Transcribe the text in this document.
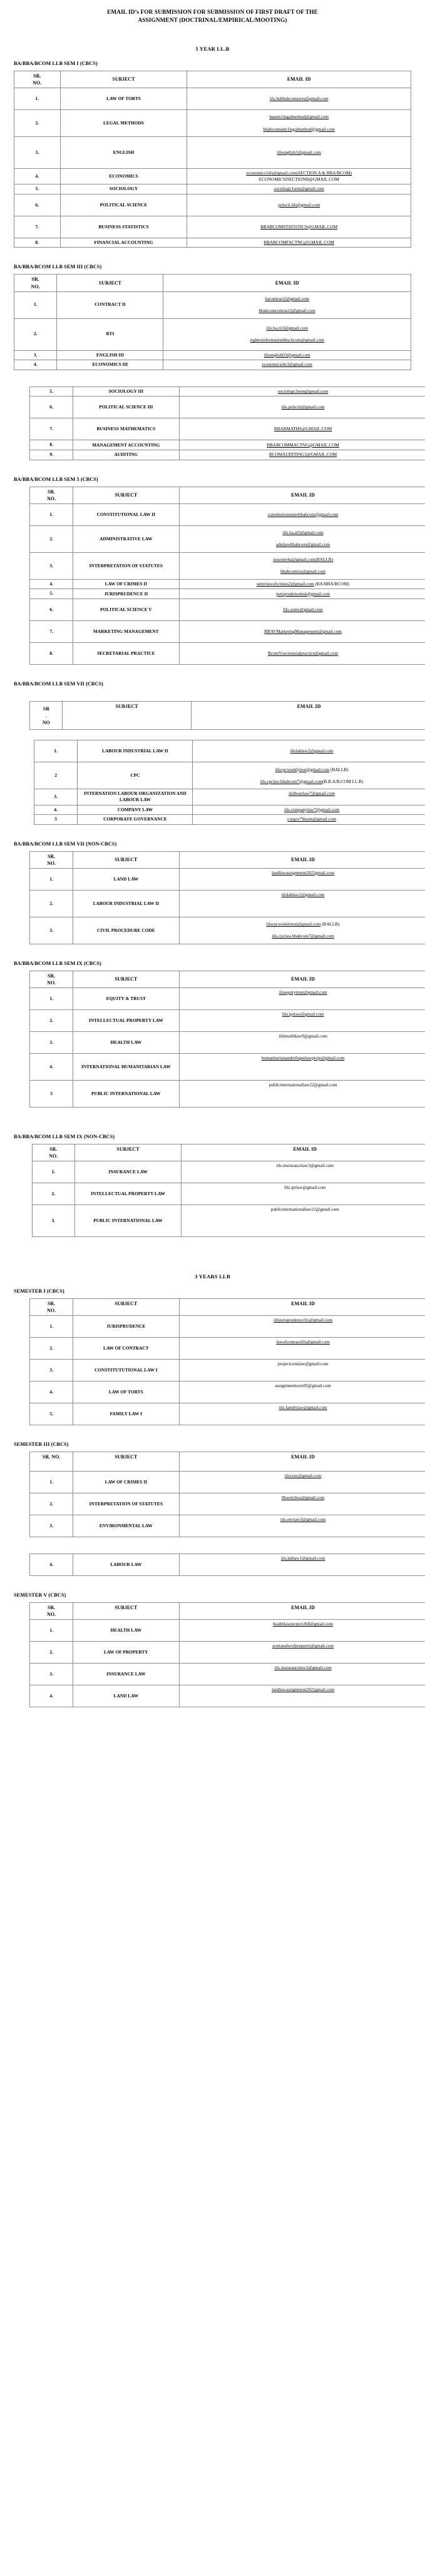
EMAIL ID’s FOR SUBMISSION FOR SUBMISSION OF FIRST DRAFT OF THE
ASSIGNMENT (DOCTRINAL/EMPIRICAL/MOOTING)
5 YEAR LL.B
BA/BBA/BCOM LLB SEM I (CBCS)
SR.
NO.	SUBJECT	EMAIL ID
1.	LAW OF TORTS	iils.babbabcomtorts@gmail.com
2.	LEGAL METHODS	basem1legalmethod@gmail.com
bbabcomsem1legalmethod@gmail.com

3.	ENGLISH	iilsenglish1@gmail.com
4.	ECONOMICS	economics1iils@gmail.com(SECTION A & BBA/BCOM)
ECONOMICSISECTIONB@GMAIL.COM

5.	SOCIOLOGY	sociology1sem@gmail.com
6.	POLITICAL SCIENCE	polscii.iils@gmail.com
7.	BUSINESS STATISTICS	BBABCOMSTATISTICS@GMAIL.COM
8.	FINANCIAL ACCOUNTING	BBABCOMFACTNG@GMAIL.COM
BA/BBA/BCOM LLB SEM III (CBCS)
SR.
NO.	SUBJECT	EMAIL ID
1.	CONTRACT II	bacontract2@gmail.com
bbabcomcontract2@gmail.com

2.	RTI	iils.ba.rti3@gmail.com
righttoinformationbba.bcom@gmail.com

3.	ENGLISH III	iilsenglish03@gmail.com
4.	ECONOMICS III	economicsiils3@gmail.com
5.	SOCIOLOGY III	sociology3sem@gmail.com
6.	POLITICAL SCIENCE III	iils.polsciii@gmail.com
7.	BUSINESS MATHEMATICS	BBABMATHS@GMAIL.COM
8.	MANAGEMENT ACCOUNTING	BBABCOMMACTNG@GMAIL.COM
9.	AUDITING	BCOMAUDITING3@GMAIL.COM
BA/BBA/BCOM LLB SEM 5 (CBCS)
SR.
NO.	SUBJECT	EMAIL ID
1.	CONSTITUTIONAL LAW II	constitutionsemvbbabcom@gmail.com
2.	ADMINISTRATIVE LAW	iils.ba.al5@gmail.com
admlawbbabcom@gmail.com

3.	INTERPRETATION OF STATUTES	iossemvba@gmail.com(BALLB)
bbabcomios@gmail.com

4.	LAW OF CRIMES II	semvlawofcrimes2@gmail.com (BA/BBA/BCOM)
5.	JURISPRUDENCE II	jurisprudencetest@gmail.com
6.	POLITICAL SCIENCE V	Iils.semv@gmail.com
7.	MARKETING MANAGEMENT	BBAVMarketingManagement@gmail.com
8.	SECRETARIAL PRACTICE	BcomVsecretarialpractice@gmail.com
BA/BBA/BCOM LLB SEM VII (CBCS)
SR
.
NO	SUBJECT	EMAIL ID
1.	LABOUR INDUSTRIAL LAW II	iilslablaw2@gmail.com
2	CPC	iilscpcweeklytest@gmail.com (BALLB)
iils.cpclaw.bbabcom7@gmail.com(B.B.A/B.COM LL.B)

3.	INTERNATION LABOUR ORGANIZATION AND LABOUR LAW	ilolbourlaw7@gmail.com
4.	COMPANY LAW	iils.companylaw7@gmail.com
5	CORPORATE GOVERNANCE	corgov7thsem@gmail.com
BA/BBA/BCOM LLB SEM VII (NON-CBCS)
SR.
NO.	SUBJECT	EMAIL ID
1.	LAND LAW	landlawassignment2022gmail.com
2.	LABOUR INDUSTRIAL LAW II	iilslablaw2@gmail.com
3.	CIVIL PROCEDURE CODE	iilscpcweeklytest@gmail.com (BALLB)
iils.cpclaw.bbabcom7@gmail.com
BA/BBA/BCOM LLB SEM IX (CBCS)
SR.
NO.	SUBJECT	EMAIL ID
1.	EQUITY & TRUST	iilsequitytrust@gmail.com
2.	INTELLECTUAL PROPERTY LAW	Iils.iprlaw@gmail.com
3.	HEALTH LAW	iilshealthlaw9@gmail.com
4.	INTERNATIONAL HUMANITARIAN LAW	humanitarianandrefugeelawproje@gmail.com
5	PUBLIC INTERNATIONAL LAW	publicinternationallaw22@gmail.com
BA/BBA/BCOM LLB SEM IX (NON-CBCS)
SR.
NO.	SUBJECT	EMAIL ID
1.	INSURANCE LAW	iils.insiurancelaw3@gmail.com
2.	INTELLECTUAL PROPERTY LAW	Iils.iprlaw@gmail.com
3.	PUBLIC INTERNATIONAL LAW	publicinternationallaw22@gmail.com
3 YEARS LLB
SEMESTER I (CBCS)
SR.
NO.	SUBJECT	EMAIL ID
1.	JURISPRUDENCE	iilsjurisprudence3rs@gmail.com
2.	LAW OF CONTRACT	lawofcontractiils@gmail.com
3.	CONSTITUTUTIONAL LAW I	projectconslaw@gmail.com
4.	LAW OF TORTS	assignmenttorts05@gmail.com
5.	FAMILY LAW I	iils.familylaw@gmail.com
SEMESTER III (CBCS)
SR. NO.	SUBJECT	EMAIL ID
1.	LAW OF CRIMES II	iilscrpc@gmail.com
2.	INTERPRETATION OF STATUTES	llbsem3ios@gmail.com
3.	ENVIRONMENTAL LAW	iils.envlaw3@gmail.com
4.	LABOUR LAW	iils.lablaw1@gmail.com
SEMESTER V (CBCS)
SR.
NO.	SUBJECT	EMAIL ID
1.	HEALTH LAW	healthlawproject268@gmail.com
2.	LAW OF PROPERTY	acttransferofproperty@gmail.com
3.	INSURANCE LAW	iils.insiurancelaw3@gmail.com
4.	LAND LAW	landlawassignment2022gmail.com
